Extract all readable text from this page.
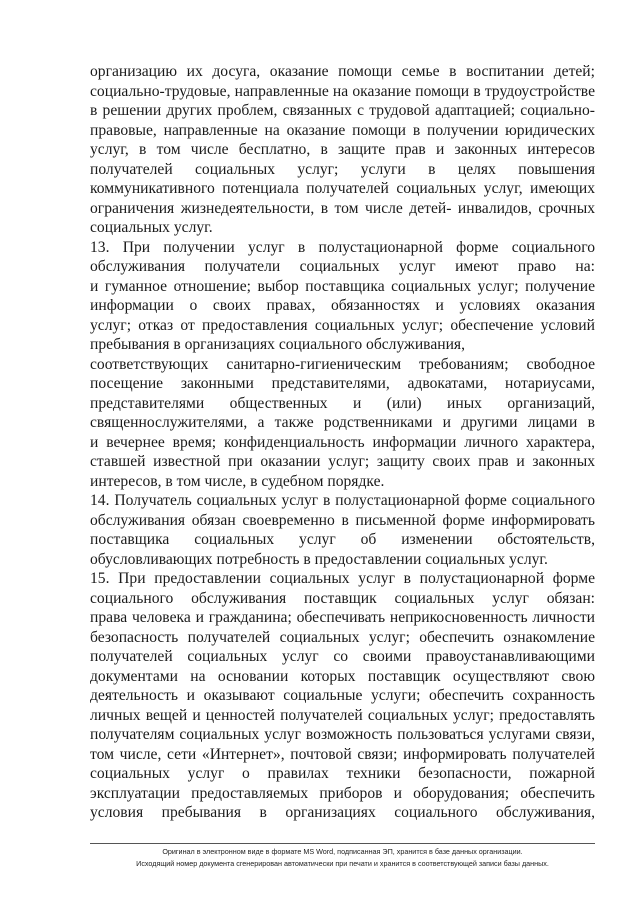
организацию их досуга, оказание помощи семье в воспитании детей;
социально-трудовые, направленные на оказание помощи в трудоустройстве
в решении других проблем, связанных с трудовой адаптацией; социально-
правовые, направленные на оказание помощи в получении юридических
услуг, в том числе бесплатно, в защите прав и законных интересов
получателей социальных услуг; услуги в целях повышения
коммуникативного потенциала получателей социальных услуг, имеющих
ограничения жизнедеятельности, в том числе детей- инвалидов, срочных
социальных услуг.
13. При получении услуг в полустационарной форме социального
обслуживания получатели социальных услуг имеют право на:
и гуманное отношение; выбор поставщика социальных услуг; получение
информации о своих правах, обязанностях и условиях оказания
услуг; отказ от предоставления социальных услуг; обеспечение условий
пребывания в организациях социального обслуживания,
соответствующих санитарно-гигиеническим требованиям; свободное
посещение законными представителями, адвокатами, нотариусами,
представителями общественных и (или) иных организаций,
священнослужителями, а также родственниками и другими лицами в
и вечернее время; конфиденциальность информации личного характера,
ставшей известной при оказании услуг; защиту своих прав и законных
интересов, в том числе, в судебном порядке.
14. Получатель социальных услуг в полустационарной форме социального
обслуживания обязан своевременно в письменной форме информировать
поставщика социальных услуг об изменении обстоятельств,
обусловливающих потребность в предоставлении социальных услуг.
15. При предоставлении социальных услуг в полустационарной форме
социального обслуживания поставщик социальных услуг обязан:
права человека и гражданина; обеспечивать неприкосновенность личности
безопасность получателей социальных услуг; обеспечить ознакомление
получателей социальных услуг со своими правоустанавливающими
документами на основании которых поставщик осуществляют свою
деятельность и оказывают социальные услуги; обеспечить сохранность
личных вещей и ценностей получателей социальных услуг; предоставлять
получателям социальных услуг возможность пользоваться услугами связи,
том числе, сети «Интернет», почтовой связи; информировать получателей
социальных услуг о правилах техники безопасности, пожарной
эксплуатации предоставляемых приборов и оборудования; обеспечить
условия пребывания в организациях социального обслуживания,
Оригинал в электронном виде в формате MS Word, подписанная ЭП, хранится в базе данных организации.
Исходящий номер документа сгенерирован автоматически при печати и хранится в соответствующей записи базы данных.
